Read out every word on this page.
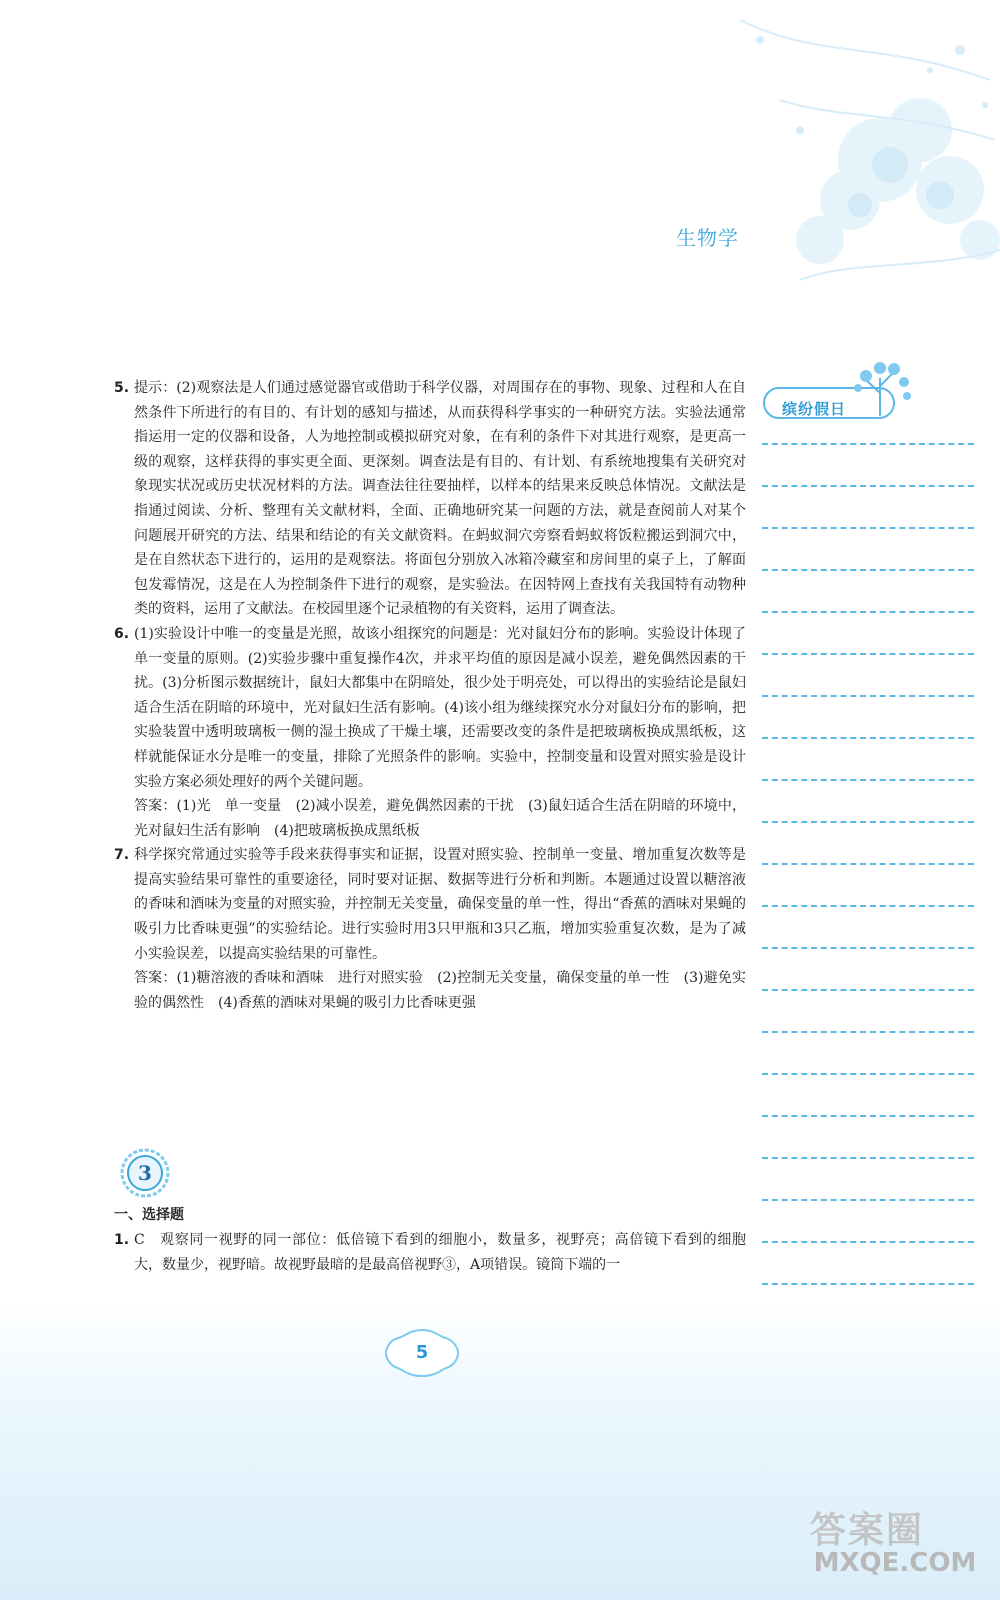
生物学
缤纷假日
5. 提示：(2)观察法是人们通过感觉器官或借助于科学仪器，对周围存在的事物、现象、过程和人在自然条件下所进行的有目的、有计划的感知与描述，从而获得科学事实的一种研究方法。实验法通常指运用一定的仪器和设备，人为地控制或模拟研究对象，在有利的条件下对其进行观察，是更高一级的观察，这样获得的事实更全面、更深刻。调查法是有目的、有计划、有系统地搜集有关研究对象现实状况或历史状况材料的方法。调查法往往要抽样，以样本的结果来反映总体情况。文献法是指通过阅读、分析、整理有关文献材料，全面、正确地研究某一问题的方法，就是查阅前人对某个问题展开研究的方法、结果和结论的有关文献资料。在蚂蚁洞穴旁察看蚂蚁将饭粒搬运到洞穴中，是在自然状态下进行的，运用的是观察法。将面包分别放入冰箱冷藏室和房间里的桌子上，了解面包发霉情况，这是在人为控制条件下进行的观察，是实验法。在因特网上查找有关我国特有动物种类的资料，运用了文献法。在校园里逐个记录植物的有关资料，运用了调查法。
6. (1)实验设计中唯一的变量是光照，故该小组探究的问题是：光对鼠妇分布的影响。实验设计体现了单一变量的原则。(2)实验步骤中重复操作4次，并求平均值的原因是减小误差，避免偶然因素的干扰。(3)分析图示数据统计，鼠妇大都集中在阴暗处，很少处于明亮处，可以得出的实验结论是鼠妇适合生活在阴暗的环境中，光对鼠妇生活有影响。(4)该小组为继续探究水分对鼠妇分布的影响，把实验装置中透明玻璃板一侧的湿土换成了干燥土壤，还需要改变的条件是把玻璃板换成黑纸板，这样就能保证水分是唯一的变量，排除了光照条件的影响。实验中，控制变量和设置对照实验是设计实验方案必须处理好的两个关键问题。
答案：(1)光　单一变量　(2)减小误差，避免偶然因素的干扰　(3)鼠妇适合生活在阴暗的环境中，光对鼠妇生活有影响　(4)把玻璃板换成黑纸板
7. 科学探究常通过实验等手段来获得事实和证据，设置对照实验、控制单一变量、增加重复次数等是提高实验结果可靠性的重要途径，同时要对证据、数据等进行分析和判断。本题通过设置以糖溶液的香味和酒味为变量的对照实验，并控制无关变量，确保变量的单一性，得出“香蕉的酒味对果蝇的吸引力比香味更强”的实验结论。进行实验时用3只甲瓶和3只乙瓶，增加实验重复次数，是为了减小实验误差，以提高实验结果的可靠性。
答案：(1)糖溶液的香味和酒味　进行对照实验　(2)控制无关变量，确保变量的单一性　(3)避免实验的偶然性　(4)香蕉的酒味对果蝇的吸引力比香味更强
3
一、选择题
1. C　观察同一视野的同一部位：低倍镜下看到的细胞小，数量多，视野亮；高倍镜下看到的细胞大，数量少，视野暗。故视野最暗的是最高倍视野③，A项错误。镜筒下端的一
5
答案圈
MXQE.COM
